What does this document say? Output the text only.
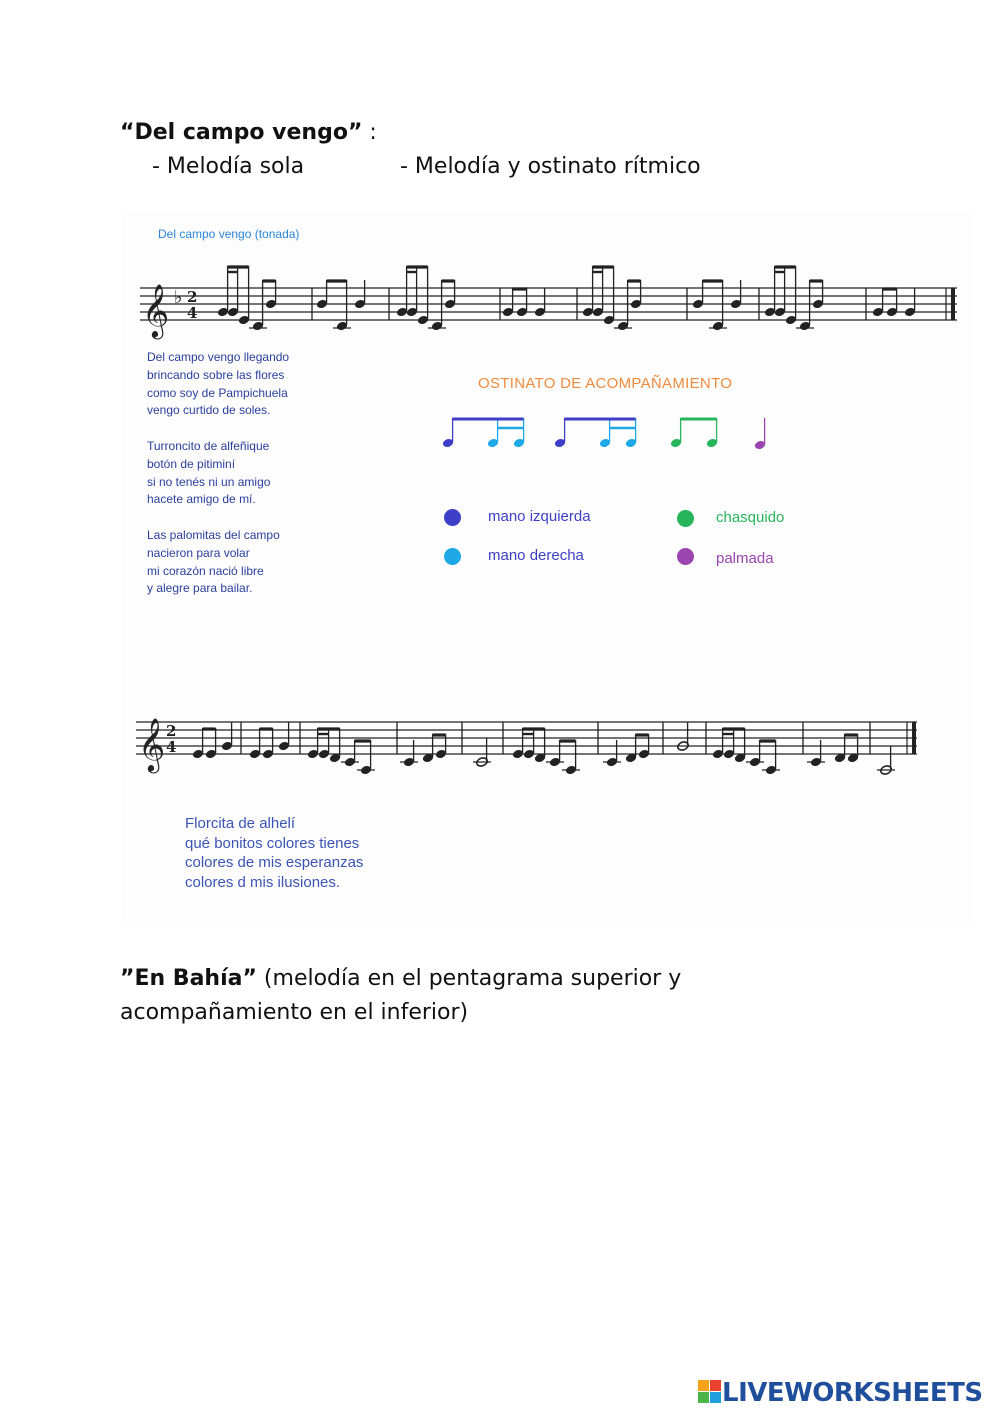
“Del campo vengo” :
- Melodía sola	- Melodía y ostinato rítmico
Del campo vengo (tonada)
𝄞 ♭ 2
4
Del campo vengo llegando
brincando sobre las flores
como soy de Pampichuela
vengo curtido de soles.
Turroncito de alfeñique
botón de pitiminí
si no tenés ni un amigo
hacete amigo de mí.
Las palomitas del campo
nacieron para volar
mi corazón nació libre
y alegre para bailar.
OSTINATO DE ACOMPAÑAMIENTO
mano izquierda
mano derecha
chasquido
palmada
𝄞 2
4
Florcita de alhelí
qué bonitos colores tienes
colores de mis esperanzas
colores d mis ilusiones.
”En Bahía” (melodía en el pentagrama superior y acompañamiento en el inferior)
LIVEWORKSHEETS
